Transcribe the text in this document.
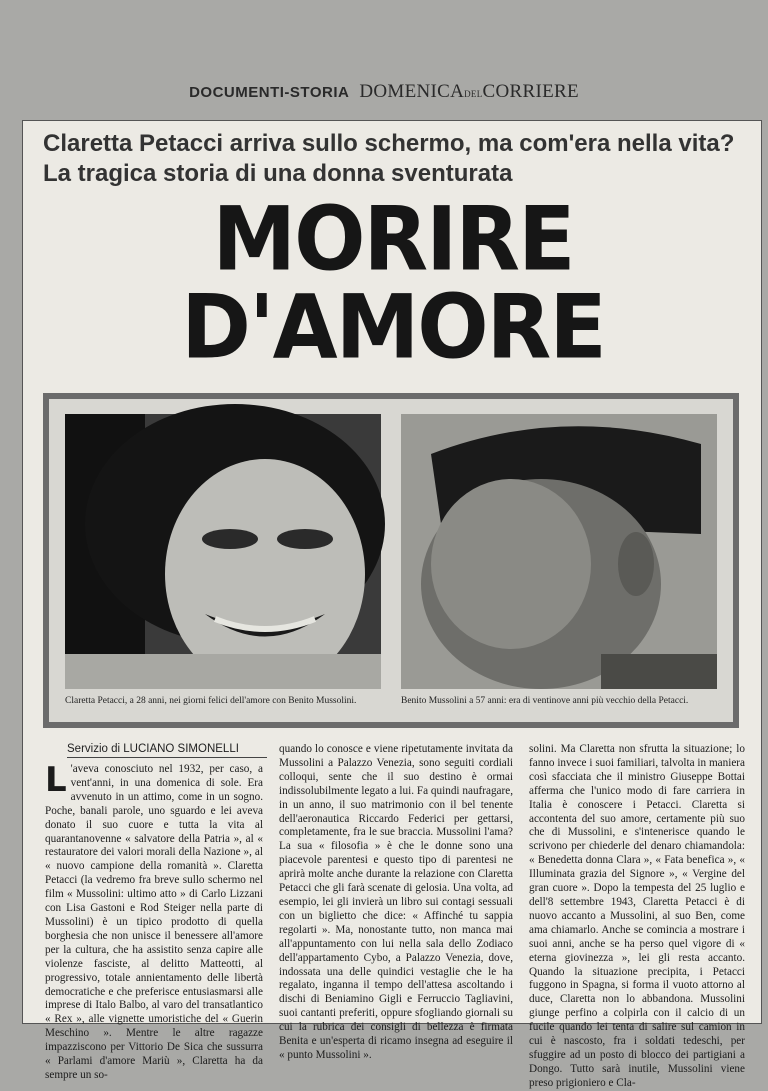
DOCUMENTI-STORIA DOMENICADELCORRIERE
Claretta Petacci arriva sullo schermo, ma com'era nella vita? La tragica storia di una donna sventurata
MORIRE
D'AMORE
Claretta Petacci, a 28 anni, nei giorni felici dell'amore con Benito Mussolini.	Benito Mussolini a 57 anni: era di ventinove anni più vecchio della Petacci.
Servizio di LUCIANO SIMONELLI
L 'aveva conosciuto nel 1932, per caso, a vent'anni, in una domenica di sole. Era avvenuto in un attimo, come in un sogno. Poche, banali parole, uno sguardo e lei aveva donato il suo cuore e tutta la vita al quarantanovenne « salvatore della Patria », al « restauratore dei valori morali della Nazione », al « nuovo campione della romanità ». Claretta Petacci (la vedremo fra breve sullo schermo nel film « Mussolini: ultimo atto » di Carlo Lizzani con Lisa Gastoni e Rod Steiger nella parte di Mussolini) è un tipico prodotto di quella borghesia che non unisce il benessere all'amore per la cultura, che ha assistito senza capire alle violenze fasciste, al delitto Matteotti, al progressivo, totale annientamento delle libertà democratiche e che preferisce entusiasmarsi alle imprese di Italo Balbo, al varo del transatlantico « Rex », alle vignette umoristiche del « Guerin Meschino ». Mentre le altre ragazze impazziscono per Vittorio De Sica che sussurra « Parlami d'amore Mariù », Claretta ha da sempre un so-
quando lo conosce e viene ripetutamente invitata da Mussolini a Palazzo Venezia, sono seguiti cordiali colloqui, sente che il suo destino è ormai indissolubilmente legato a lui. Fa quindi naufragare, in un anno, il suo matrimonio con il bel tenente dell'aeronautica Riccardo Federici per gettarsi, completamente, fra le sue braccia. Mussolini l'ama? La sua « filosofia » è che le donne sono una piacevole parentesi e questo tipo di parentesi ne aprirà molte anche durante la relazione con Claretta Petacci che gli farà scenate di gelosia. Una volta, ad esempio, lei gli invierà un libro sui contagi sessuali con un biglietto che dice: « Affinché tu sappia regolarti ». Ma, nonostante tutto, non manca mai all'appuntamento con lui nella sala dello Zodiaco dell'appartamento Cybo, a Palazzo Venezia, dove, indossata una delle quindici vestaglie che le ha regalato, inganna il tempo dell'attesa ascoltando i dischi di Beniamino Gigli e Ferruccio Tagliavini, suoi cantanti preferiti, oppure sfogliando giornali su cui la rubrica dei consigli di bellezza è firmata Benita e un'esperta di ricamo insegna ad eseguire il « punto Mussolini ».
solini. Ma Claretta non sfrutta la situazione; lo fanno invece i suoi familiari, talvolta in maniera così sfacciata che il ministro Giuseppe Bottai afferma che l'unico modo di fare carriera in Italia è conoscere i Petacci. Claretta si accontenta del suo amore, certamente più suo che di Mussolini, e s'intenerisce quando le scrivono per chiederle del denaro chiamandola: « Benedetta donna Clara », « Fata benefica », « Illuminata grazia del Signore », « Vergine del gran cuore ». Dopo la tempesta del 25 luglio e dell'8 settembre 1943, Claretta Petacci è di nuovo accanto a Mussolini, al suo Ben, come ama chiamarlo. Anche se comincia a mostrare i suoi anni, anche se ha perso quel vigore di « eterna giovinezza », lei gli resta accanto. Quando la situazione precipita, i Petacci fuggono in Spagna, si forma il vuoto attorno al duce, Claretta non lo abbandona. Mussolini giunge perfino a colpirla con il calcio di un fucile quando lei tenta di salire sul camion in cui è nascosto, fra i soldati tedeschi, per sfuggire ad un posto di blocco dei partigiani a Dongo. Tutto sarà inutile, Mussolini viene preso prigioniero e Cla-
